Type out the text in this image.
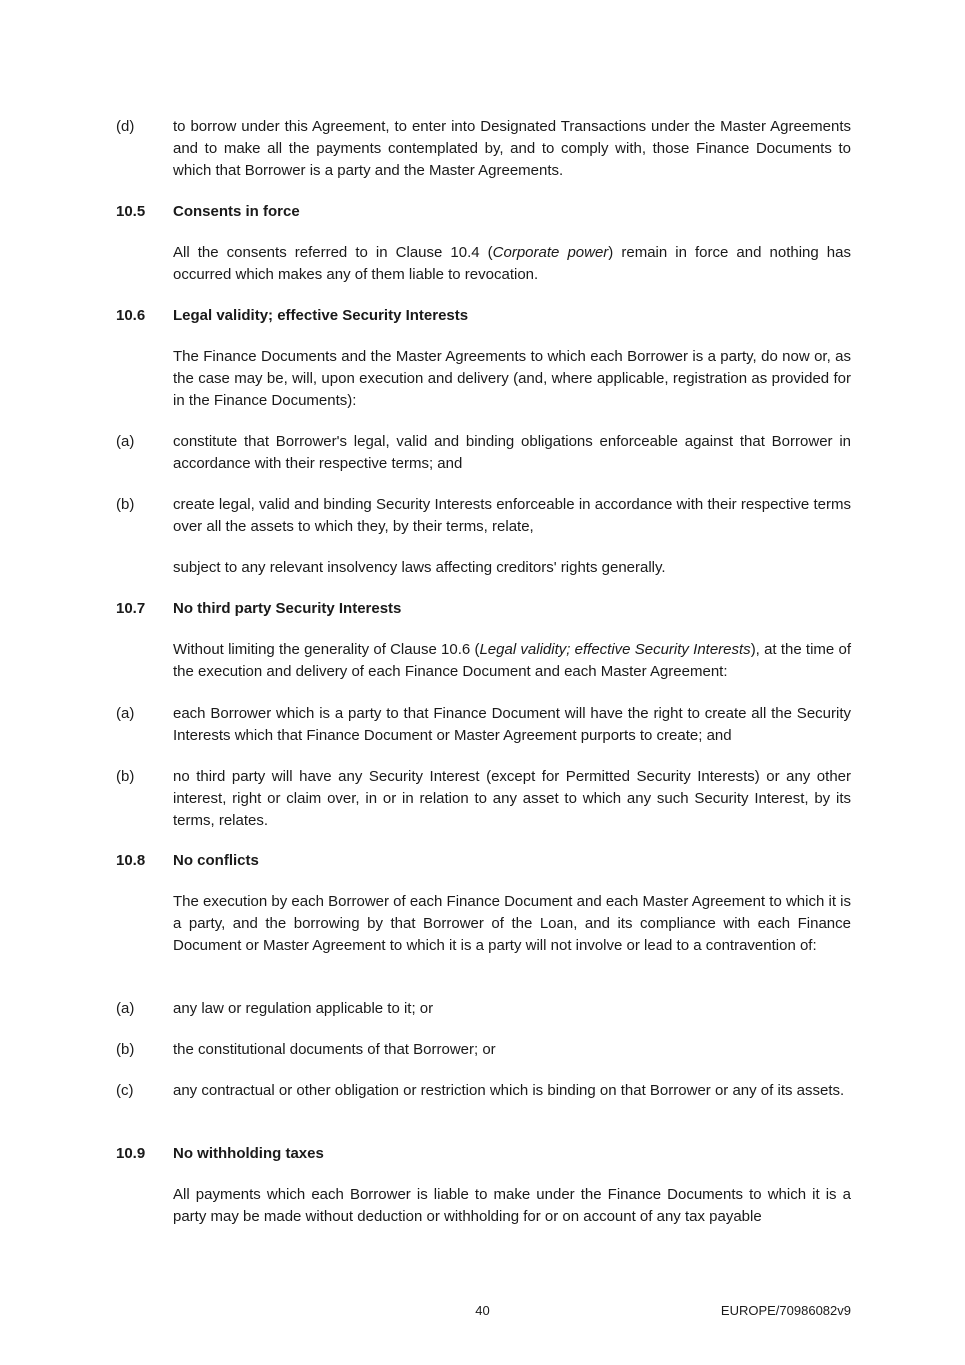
(d)	to borrow under this Agreement, to enter into Designated Transactions under the Master Agreements and to make all the payments contemplated by, and to comply with, those Finance Documents to which that Borrower is a party and the Master Agreements.
10.5	Consents in force
All the consents referred to in Clause 10.4 (Corporate power) remain in force and nothing has occurred which makes any of them liable to revocation.
10.6	Legal validity; effective Security Interests
The Finance Documents and the Master Agreements to which each Borrower is a party, do now or, as the case may be, will, upon execution and delivery (and, where applicable, registration as provided for in the Finance Documents):
(a)	constitute that Borrower's legal, valid and binding obligations enforceable against that Borrower in accordance with their respective terms; and
(b)	create legal, valid and binding Security Interests enforceable in accordance with their respective terms over all the assets to which they, by their terms, relate,
subject to any relevant insolvency laws affecting creditors' rights generally.
10.7	No third party Security Interests
Without limiting the generality of Clause 10.6 (Legal validity; effective Security Interests), at the time of the execution and delivery of each Finance Document and each Master Agreement:
(a)	each Borrower which is a party to that Finance Document will have the right to create all the Security Interests which that Finance Document or Master Agreement purports to create; and
(b)	no third party will have any Security Interest (except for Permitted Security Interests) or any other interest, right or claim over, in or in relation to any asset to which any such Security Interest, by its terms, relates.
10.8	No conflicts
The execution by each Borrower of each Finance Document and each Master Agreement to which it is a party, and the borrowing by that Borrower of the Loan, and its compliance with each Finance Document or Master Agreement to which it is a party will not involve or lead to a contravention of:
(a)	any law or regulation applicable to it; or
(b)	the constitutional documents of that Borrower; or
(c)	any contractual or other obligation or restriction which is binding on that Borrower or any of its assets.
10.9	No withholding taxes
All payments which each Borrower is liable to make under the Finance Documents to which it is a party may be made without deduction or withholding for or on account of any tax payable
40	EUROPE/70986082v9
